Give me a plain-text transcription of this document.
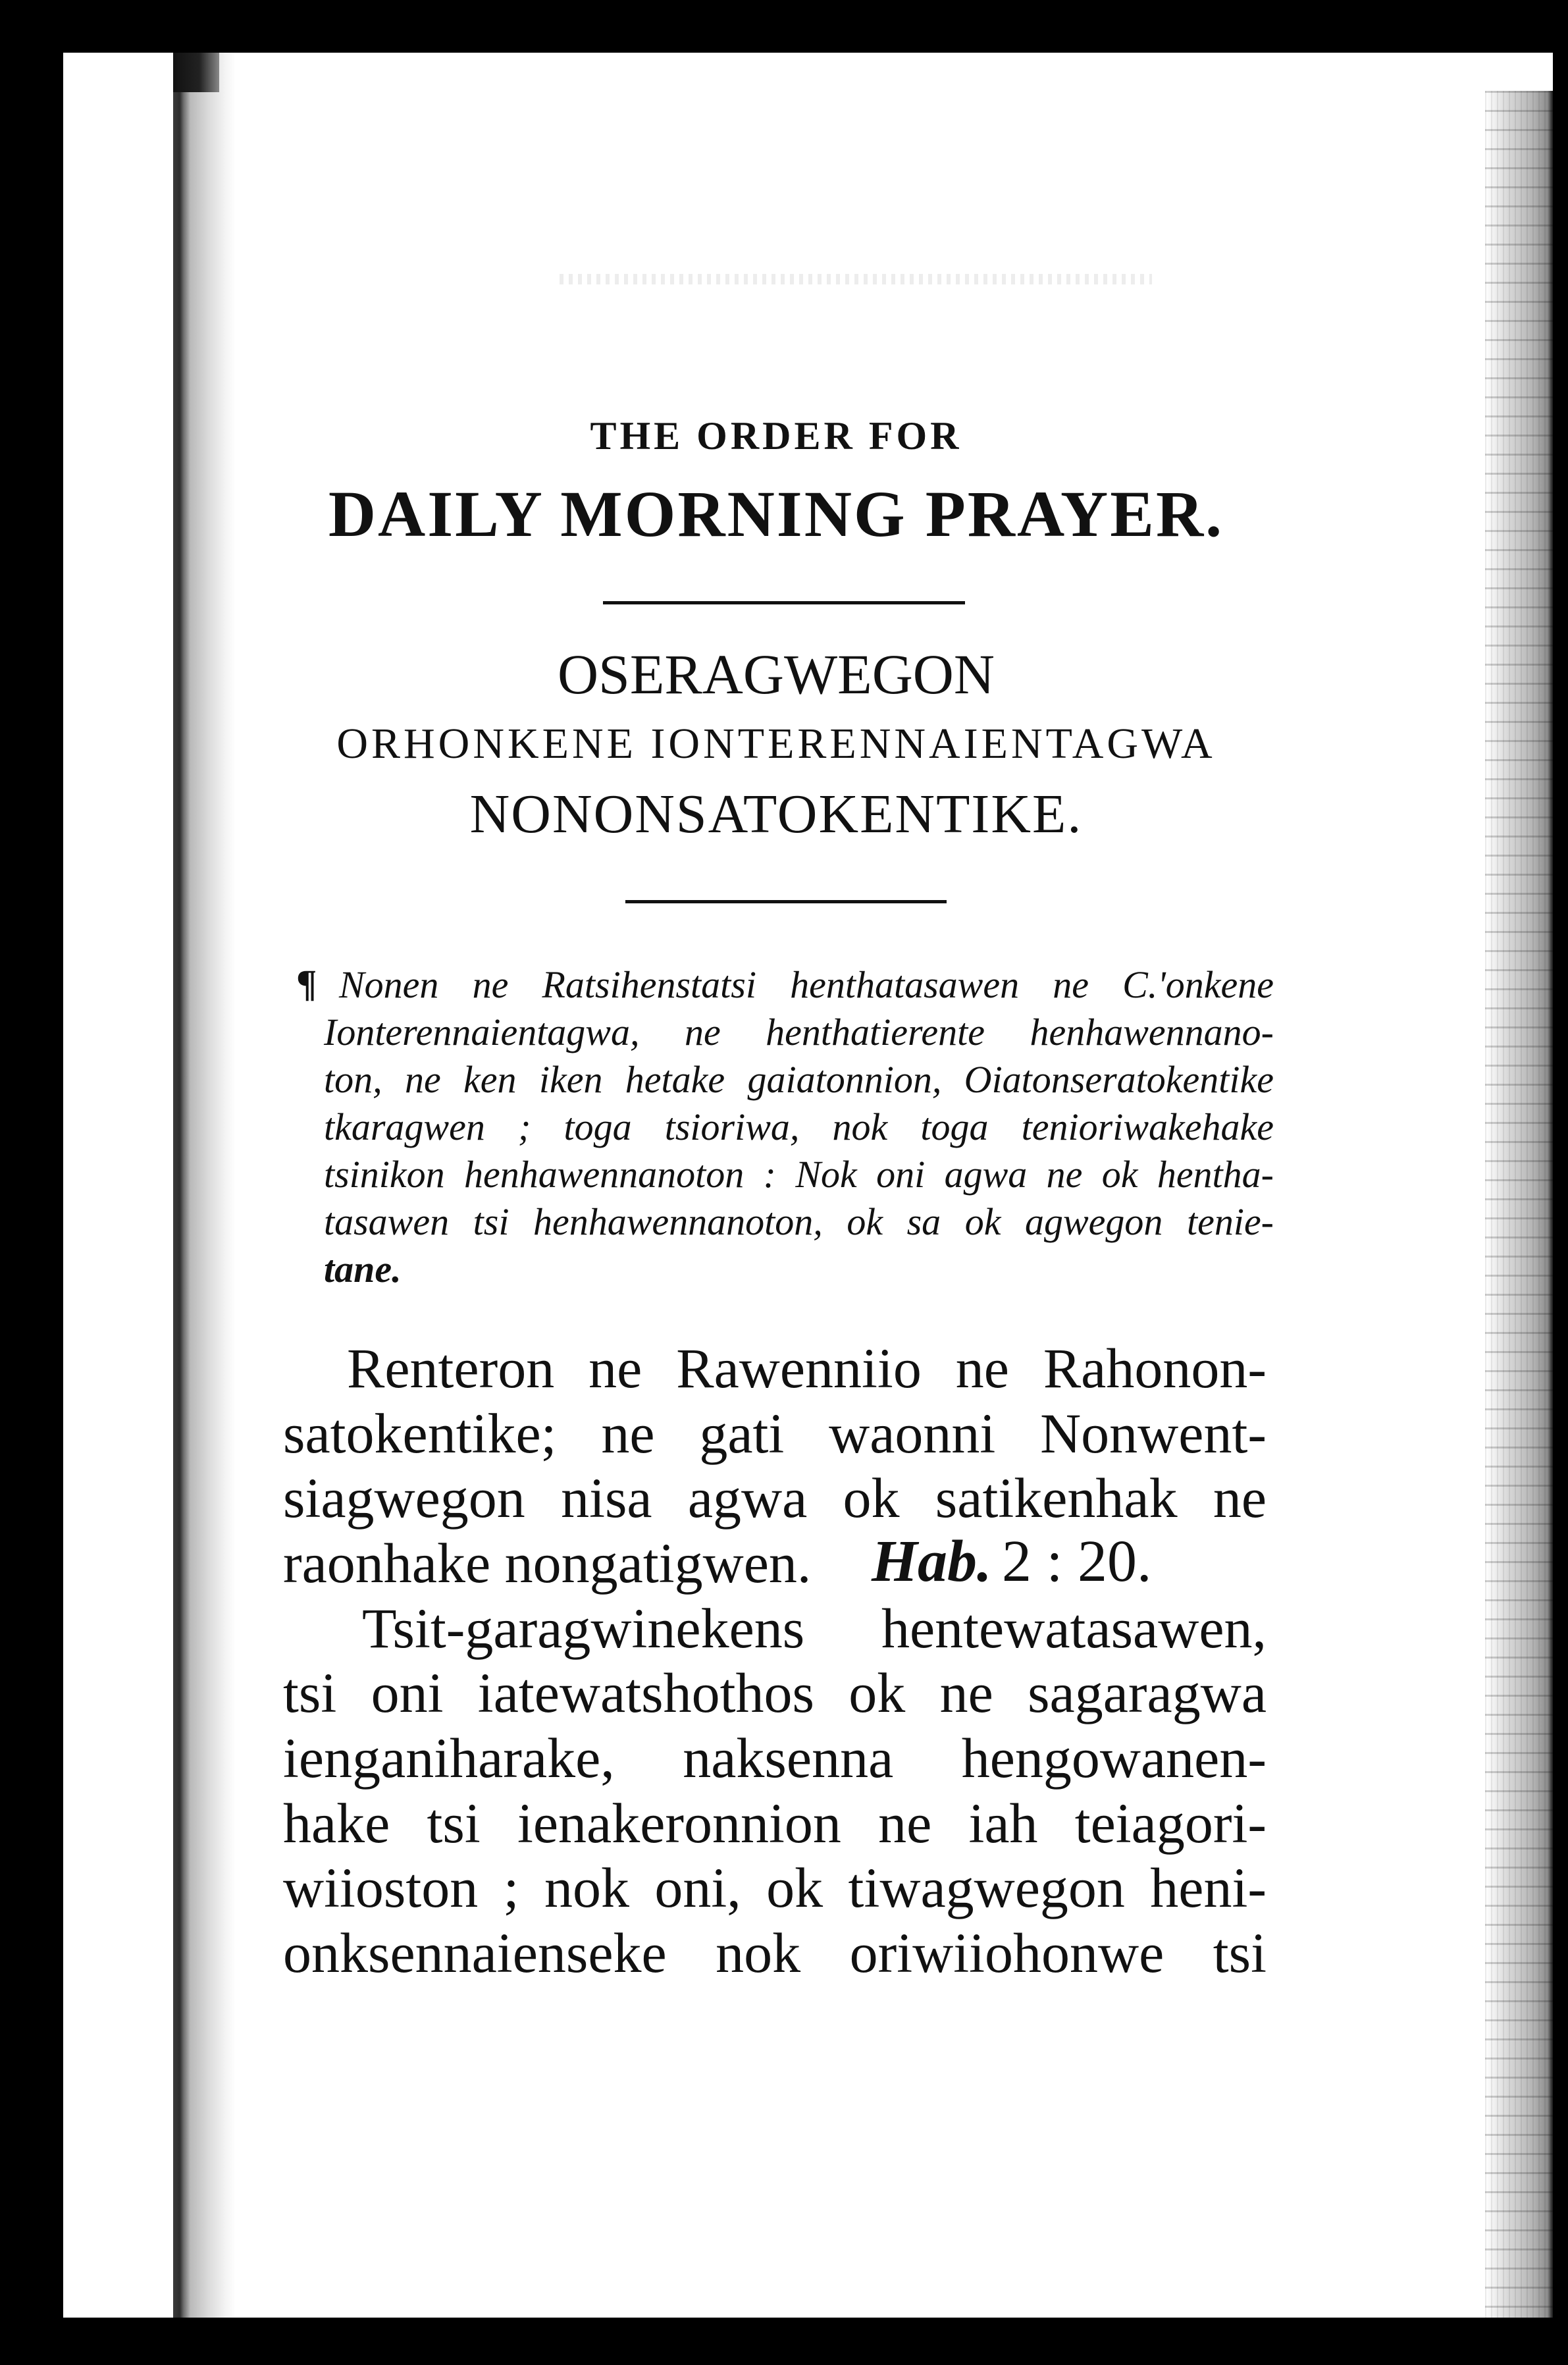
THE ORDER FOR
DAILY MORNING PRAYER.
OSERAGWEGON
ORHONKENE IONTERENNAIENTAGWA
NONONSATOKENTIKE.
¶ Nonen ne Ratsihenstatsi henthatasawen ne C.'onkene
Ionterennaientagwa, ne henthatierente henhawennano-
ton, ne ken iken hetake gaiatonnion, Oiatonseratokentike
tkaragwen ; toga tsioriwa, nok toga tenioriwakehake
tsinikon henhawennanoton : Nok oni agwa ne ok hentha-
tasawen tsi henhawennanoton, ok sa ok agwegon tenie-
tane.
Renteron ne Rawenniio ne Rahonon-
satokentike; ne gati waonni Nonwent-
siagwegon nisa agwa ok satikenhak ne
raonhake nongatigwen. Hab. 2 : 20.
Tsit-garagwinekens hentewatasawen,
tsi oni iatewatshothos ok ne sagaragwa
ienganiharake, naksenna hengowanen-
hake tsi ienakeronnion ne iah teiagori-
wiioston ; nok oni, ok tiwagwegon heni-
onksennaienseke nok oriwiiohonwe tsi
